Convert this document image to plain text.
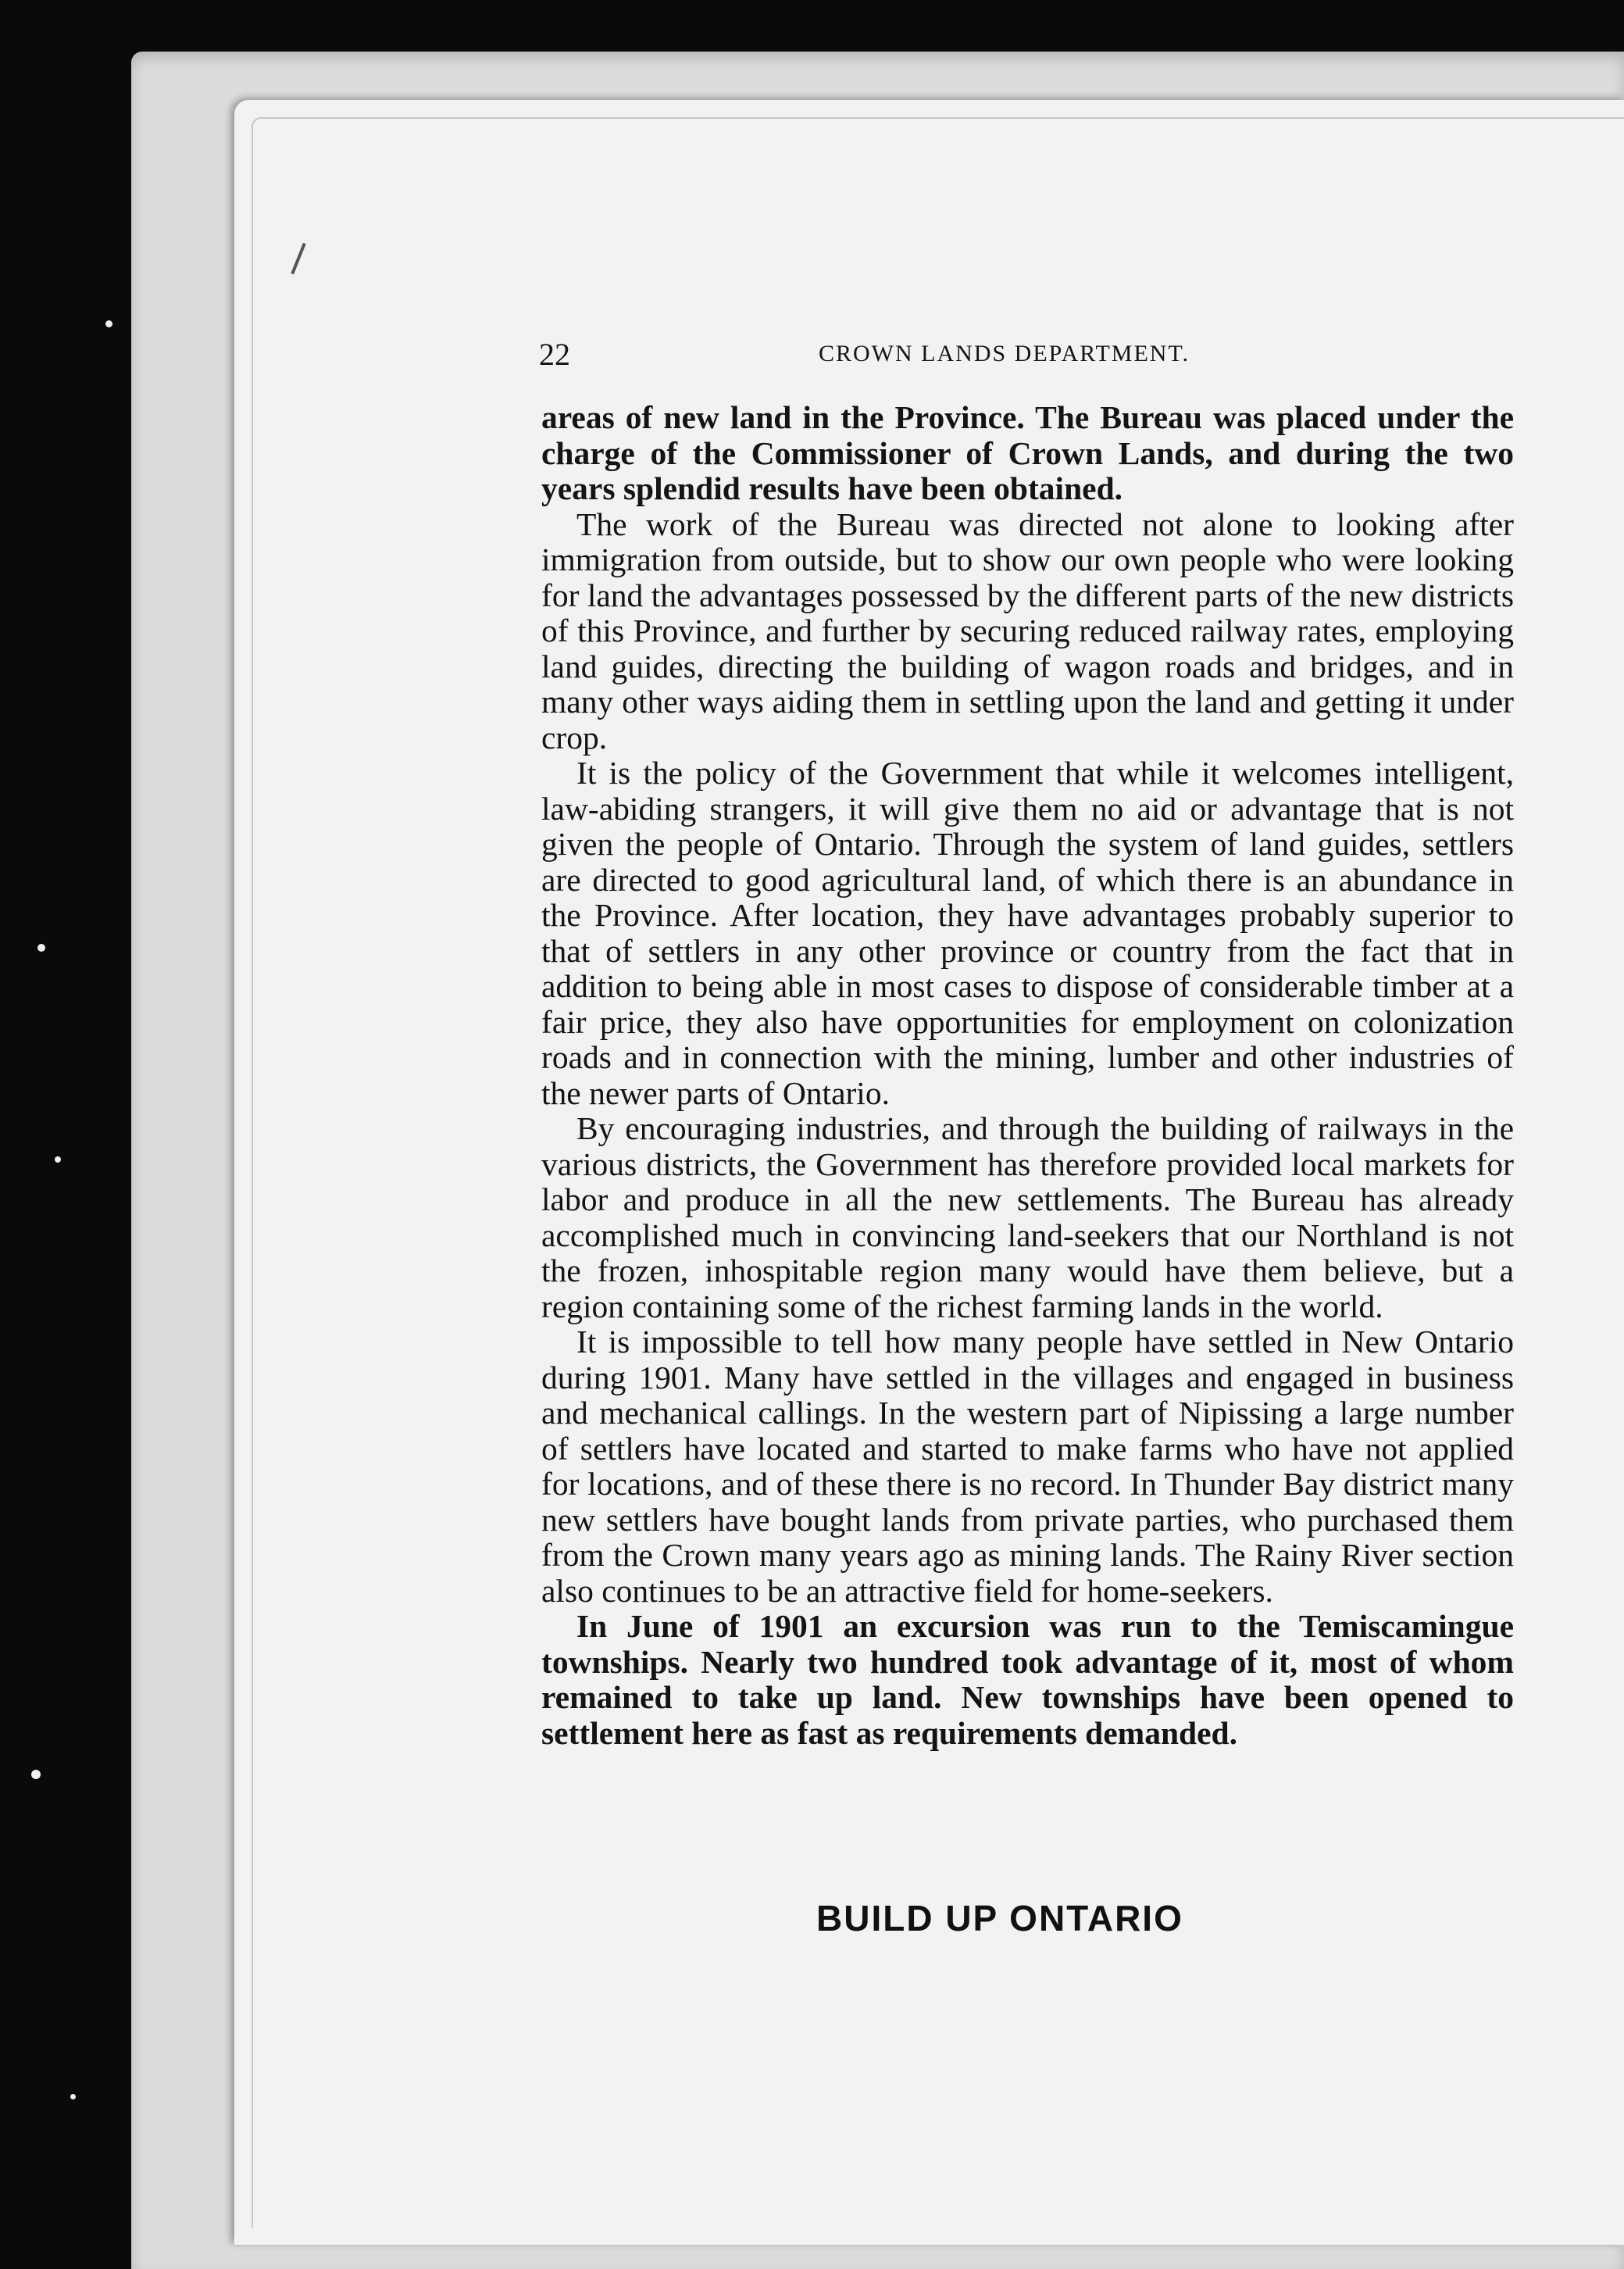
22	CROWN LANDS DEPARTMENT.

areas of new land in the Province. The Bureau was placed under the charge of the Commissioner of Crown Lands, and during the two years splendid results have been obtained.

The work of the Bureau was directed not alone to looking after immigration from outside, but to show our own people who were looking for land the advantages possessed by the different parts of the new districts of this Province, and further by securing reduced railway rates, employing land guides, directing the building of wagon roads and bridges, and in many other ways aiding them in settling upon the land and getting it under crop.

It is the policy of the Government that while it welcomes intelligent, law-abiding strangers, it will give them no aid or advantage that is not given the people of Ontario. Through the system of land guides, settlers are directed to good agricultural land, of which there is an abundance in the Province. After location, they have advantages probably superior to that of settlers in any other province or country from the fact that in addition to being able in most cases to dispose of considerable timber at a fair price, they also have opportunities for employment on colonization roads and in connection with the mining, lumber and other industries of the newer parts of Ontario.

By encouraging industries, and through the building of railways in the various districts, the Government has therefore provided local markets for labor and produce in all the new settlements. The Bureau has already accomplished much in convincing land-seekers that our Northland is not the frozen, inhospitable region many would have them believe, but a region containing some of the richest farming lands in the world.

It is impossible to tell how many people have settled in New Ontario during 1901. Many have settled in the villages and engaged in business and mechanical callings. In the western part of Nipissing a large number of settlers have located and started to make farms who have not applied for locations, and of these there is no record. In Thunder Bay district many new settlers have bought lands from private parties, who purchased them from the Crown many years ago as mining lands. The Rainy River section also continues to be an attractive field for home-seekers.

In June of 1901 an excursion was run to the Temiscamingue townships. Nearly two hundred took advantage of it, most of whom remained to take up land. New townships have been opened to settlement here as fast as requirements demanded.

BUILD UP ONTARIO
